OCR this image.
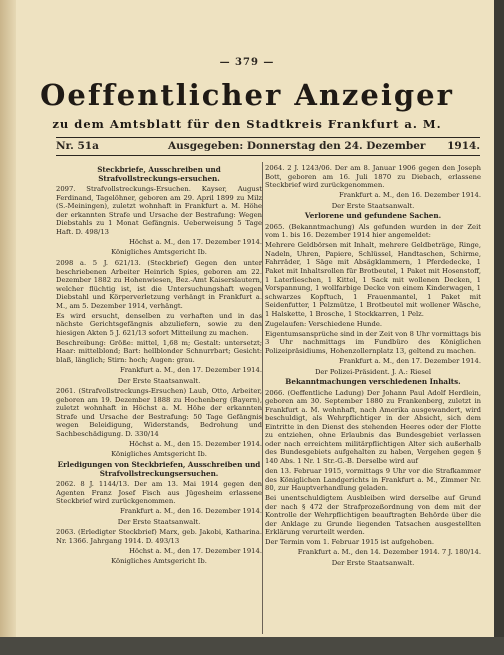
— 379 —
Oeffentlicher Anzeiger
zu dem Amtsblatt für den Stadtkreis Frankfurt a. M.
Nr. 51a	Ausgegeben: Donnerstag den 24. Dezember 1914.

Steckbriefe, Ausschreiben und Strafvollstreckungs-ersuchen.

2097. Strafvollstreckungs-Ersuchen. Kayser, August Ferdinand, Tagelöhner, geboren am 29. April 1899 zu Milz (S.-Meiningen), zuletzt wohnhaft in Frankfurt a. M. Höhe der erkannten Strafe und Ursache der Bestrafung: Wegen Diebstahls zu 1 Monat Gefängnis. Ueberweisung 5 Tage Haft. D. 498/13

Höchst a. M., den 17. Dezember 1914.

Königliches Amtsgericht Ib.

2098 a. 5 J. 621/13. (Steckbrief) Gegen den unter beschriebenen Arbeiter Heinrich Spies, geboren am 22. Dezember 1882 zu Hohenwiesen, Bez.-Amt Kaiserslautern, welcher flüchtig ist, ist die Untersuchungshaft wegen Diebstahl und Körperverletzung verhängt in Frankfurt a. M., am 5. Dezember 1914, verhängt.

Es wird ersucht, denselben zu verhaften und in das nächste Gerichtsgefängnis abzuliefern, sowie zu den hiesigen Akten 5 J. 621/13 sofort Mitteilung zu machen.

Beschreibung: Größe: mittel, 1,68 m; Gestalt: untersetzt; Haar: mittelblond; Bart: hellblonder Schnurrbart; Gesicht: blaß, länglich; Stirn: hoch; Augen: grau.

Frankfurt a. M., den 17. Dezember 1914.

Der Erste Staatsanwalt.

2061. (Strafvollstreckungs-Ersuchen) Laub, Otto, Arbeiter, geboren am 19. Dezember 1888 zu Hochenberg (Bayern), zuletzt wohnhaft in Höchst a. M. Höhe der erkannten Strafe und Ursache der Bestrafung: 50 Tage Gefängnis wegen Beleidigung, Widerstands, Bedrohung und Sachbeschädigung. D. 330/14

Höchst a. M., den 15. Dezember 1914.

Königliches Amtsgericht Ib.

Erledigungen von Steckbriefen, Ausschreiben und Strafvollstreckungsersuchen.

2062. 8 J. 1144/13. Der am 13. Mai 1914 gegen den Agenten Franz Josef Fisch aus Jügesheim erlassene Steckbrief wird zurückgenommen.

Frankfurt a. M., den 16. Dezember 1914.

Der Erste Staatsanwalt.

2063. (Erledigter Steckbrief) Marx, geb. Jakobi, Katharina. Nr. 1366. Jahrgang 1914. D. 493/13

Höchst a. M., den 17. Dezember 1914.

Königliches Amtsgericht Ib.

2064. 2 J. 1243/06. Der am 8. Januar 1906 gegen den Joseph Bott, geboren am 16. Juli 1870 zu Diebach, erlassene Steckbrief wird zurückgenommen.

Frankfurt a. M., den 16. Dezember 1914.

Der Erste Staatsanwalt.

Verlorene und gefundene Sachen.

2065. (Bekanntmachung) Als gefunden wurden in der Zeit vom 1. bis 16. Dezember 1914 hier angemeldet:

Mehrere Geldbörsen mit Inhalt, mehrere Geldbeträge, Ringe, Nadeln, Uhren, Papiere, Schlüssel, Handtaschen, Schirme, Fahrräder, 1 Säge mit Absägklammern, 1 Pferdedecke, 1 Paket mit Inhaltsrollen für Brotbeutel, 1 Paket mit Hosenstoff, 1 Laterlieschen, 1 Kittel, 1 Sack mit wollenen Decken, 1 Vorspannung, 1 wollfarbige Decke von einem Kinderwagen, 1 schwarzes Kopftuch, 1 Frauenmantel, 1 Paket mit Seidenfutter, 1 Pelzmütze, 1 Brotbeutel mit wollener Wäsche, 1 Halskette, 1 Brosche, 1 Stockkarren, 1 Pelz.

Zugelaufen: Verschiedene Hunde.

Eigentumsansprüche sind in der Zeit von 8 Uhr vormittags bis 3 Uhr nachmittags im Fundbüro des Königlichen Polizeipräsidiums, Hohenzollernplatz 13, geltend zu machen.

Frankfurt a. M., den 17. Dezember 1914.

Der Polizei-Präsident. J. A.: Riesel

Bekanntmachungen verschiedenen Inhalts.

2066. (Oeffentliche Ladung) Der Johann Paul Adolf Herdlein, geboren am 30. September 1880 zu Frankenberg, zuletzt in Frankfurt a. M. wohnhaft, nach Amerika ausgewandert, wird beschuldigt, als Wehrpflichtiger in der Absicht, sich dem Eintritte in den Dienst des stehenden Heeres oder der Flotte zu entziehen, ohne Erlaubnis das Bundesgebiet verlassen oder nach erreichtem militärpflichtigen Alter sich außerhalb des Bundesgebiets aufgehalten zu haben, Vergehen gegen § 140 Abs. 1 Nr. 1 Str.-G.-B. Derselbe wird auf

den 13. Februar 1915, vormittags 9 Uhr vor die Strafkammer des Königlichen Landgerichts in Frankfurt a. M., Zimmer Nr. 80, zur Hauptverhandlung geladen.

Bei unentschuldigtem Ausbleiben wird derselbe auf Grund der nach § 472 der Strafprozeßordnung von dem mit der Kontrolle der Wehrpflichtigen beauftragten Behörde über die der Anklage zu Grunde liegenden Tatsachen ausgestellten Erklärung verurteilt werden.

Der Termin vom 1. Februar 1915 ist aufgehoben.

Frankfurt a. M., den 14. Dezember 1914. 7 J. 180/14.

Der Erste Staatsanwalt.
